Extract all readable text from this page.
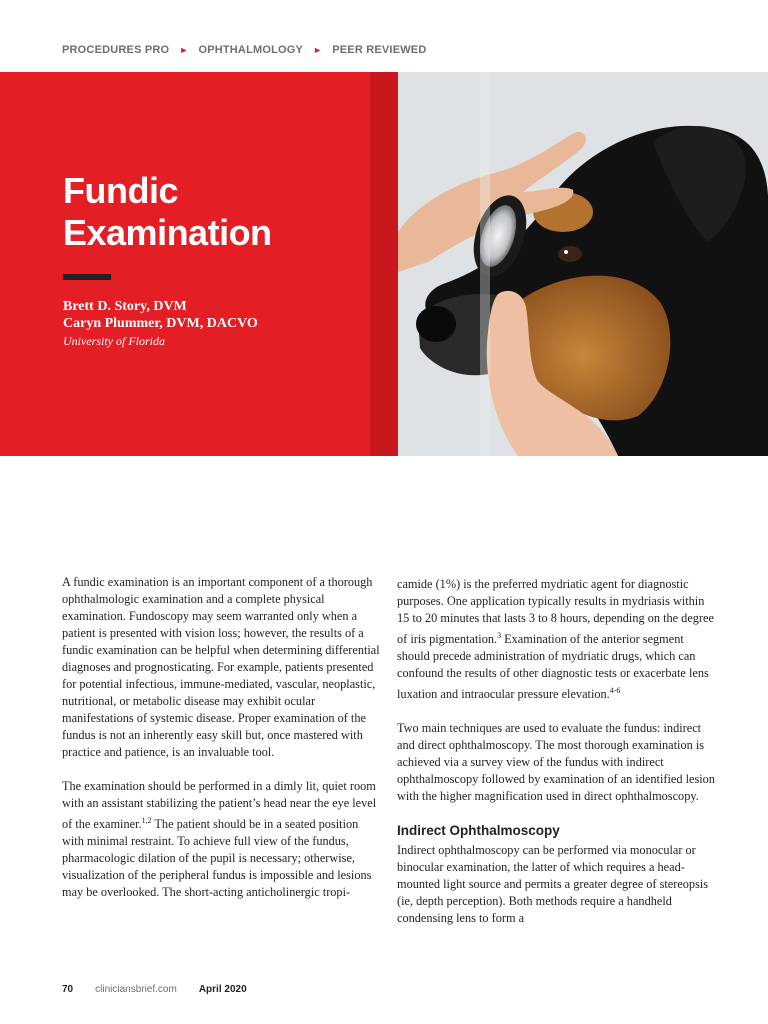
PROCEDURES PRO ► OPHTHALMOLOGY ► PEER REVIEWED
Fundic
Examination
Brett D. Story, DVM
Caryn Plummer, DVM, DACVO
University of Florida

A fundic examination is an important component of a thorough ophthalmologic examination and a complete physical examination. Fundoscopy may seem warranted only when a patient is presented with vision loss; however, the results of a fundic examination can be helpful when determining differential diagnoses and prognosticating. For example, patients presented for potential infectious, immune-mediated, vascular, neoplastic, nutritional, or metabolic disease may exhibit ocular manifestations of systemic disease. Proper examination of the fundus is not an inherently easy skill but, once mastered with practice and patience, is an invaluable tool.

The examination should be performed in a dimly lit, quiet room with an assistant stabilizing the patient’s head near the eye level of the examiner.$^{1,2}$ The patient should be in a seated position with minimal restraint. To achieve full view of the fundus, pharmacologic dilation of the pupil is necessary; otherwise, visualization of the peripheral fundus is impossible and lesions may be overlooked. The short-acting anticholinergic tropi-

camide (1%) is the preferred mydriatic agent for diagnostic purposes. One application typically results in mydriasis within 15 to 20 minutes that lasts 3 to 8 hours, depending on the degree of iris pigmentation.$^3$ Examination of the anterior segment should precede administration of mydriatic drugs, which can confound the results of other diagnostic tests or exacerbate lens luxation and intraocular pressure elevation.$^{4-6}$

Two main techniques are used to evaluate the fundus: indirect and direct ophthalmoscopy. The most thorough examination is achieved via a survey view of the fundus with indirect ophthalmoscopy followed by examination of an identified lesion with the higher magnification used in direct ophthalmoscopy.

Indirect Ophthalmoscopy

Indirect ophthalmoscopy can be performed via monocular or binocular examination, the latter of which requires a head-mounted light source and permits a greater degree of stereopsis (ie, depth perception). Both methods require a handheld condensing lens to form a

70 cliniciansbrief.com April 2020
